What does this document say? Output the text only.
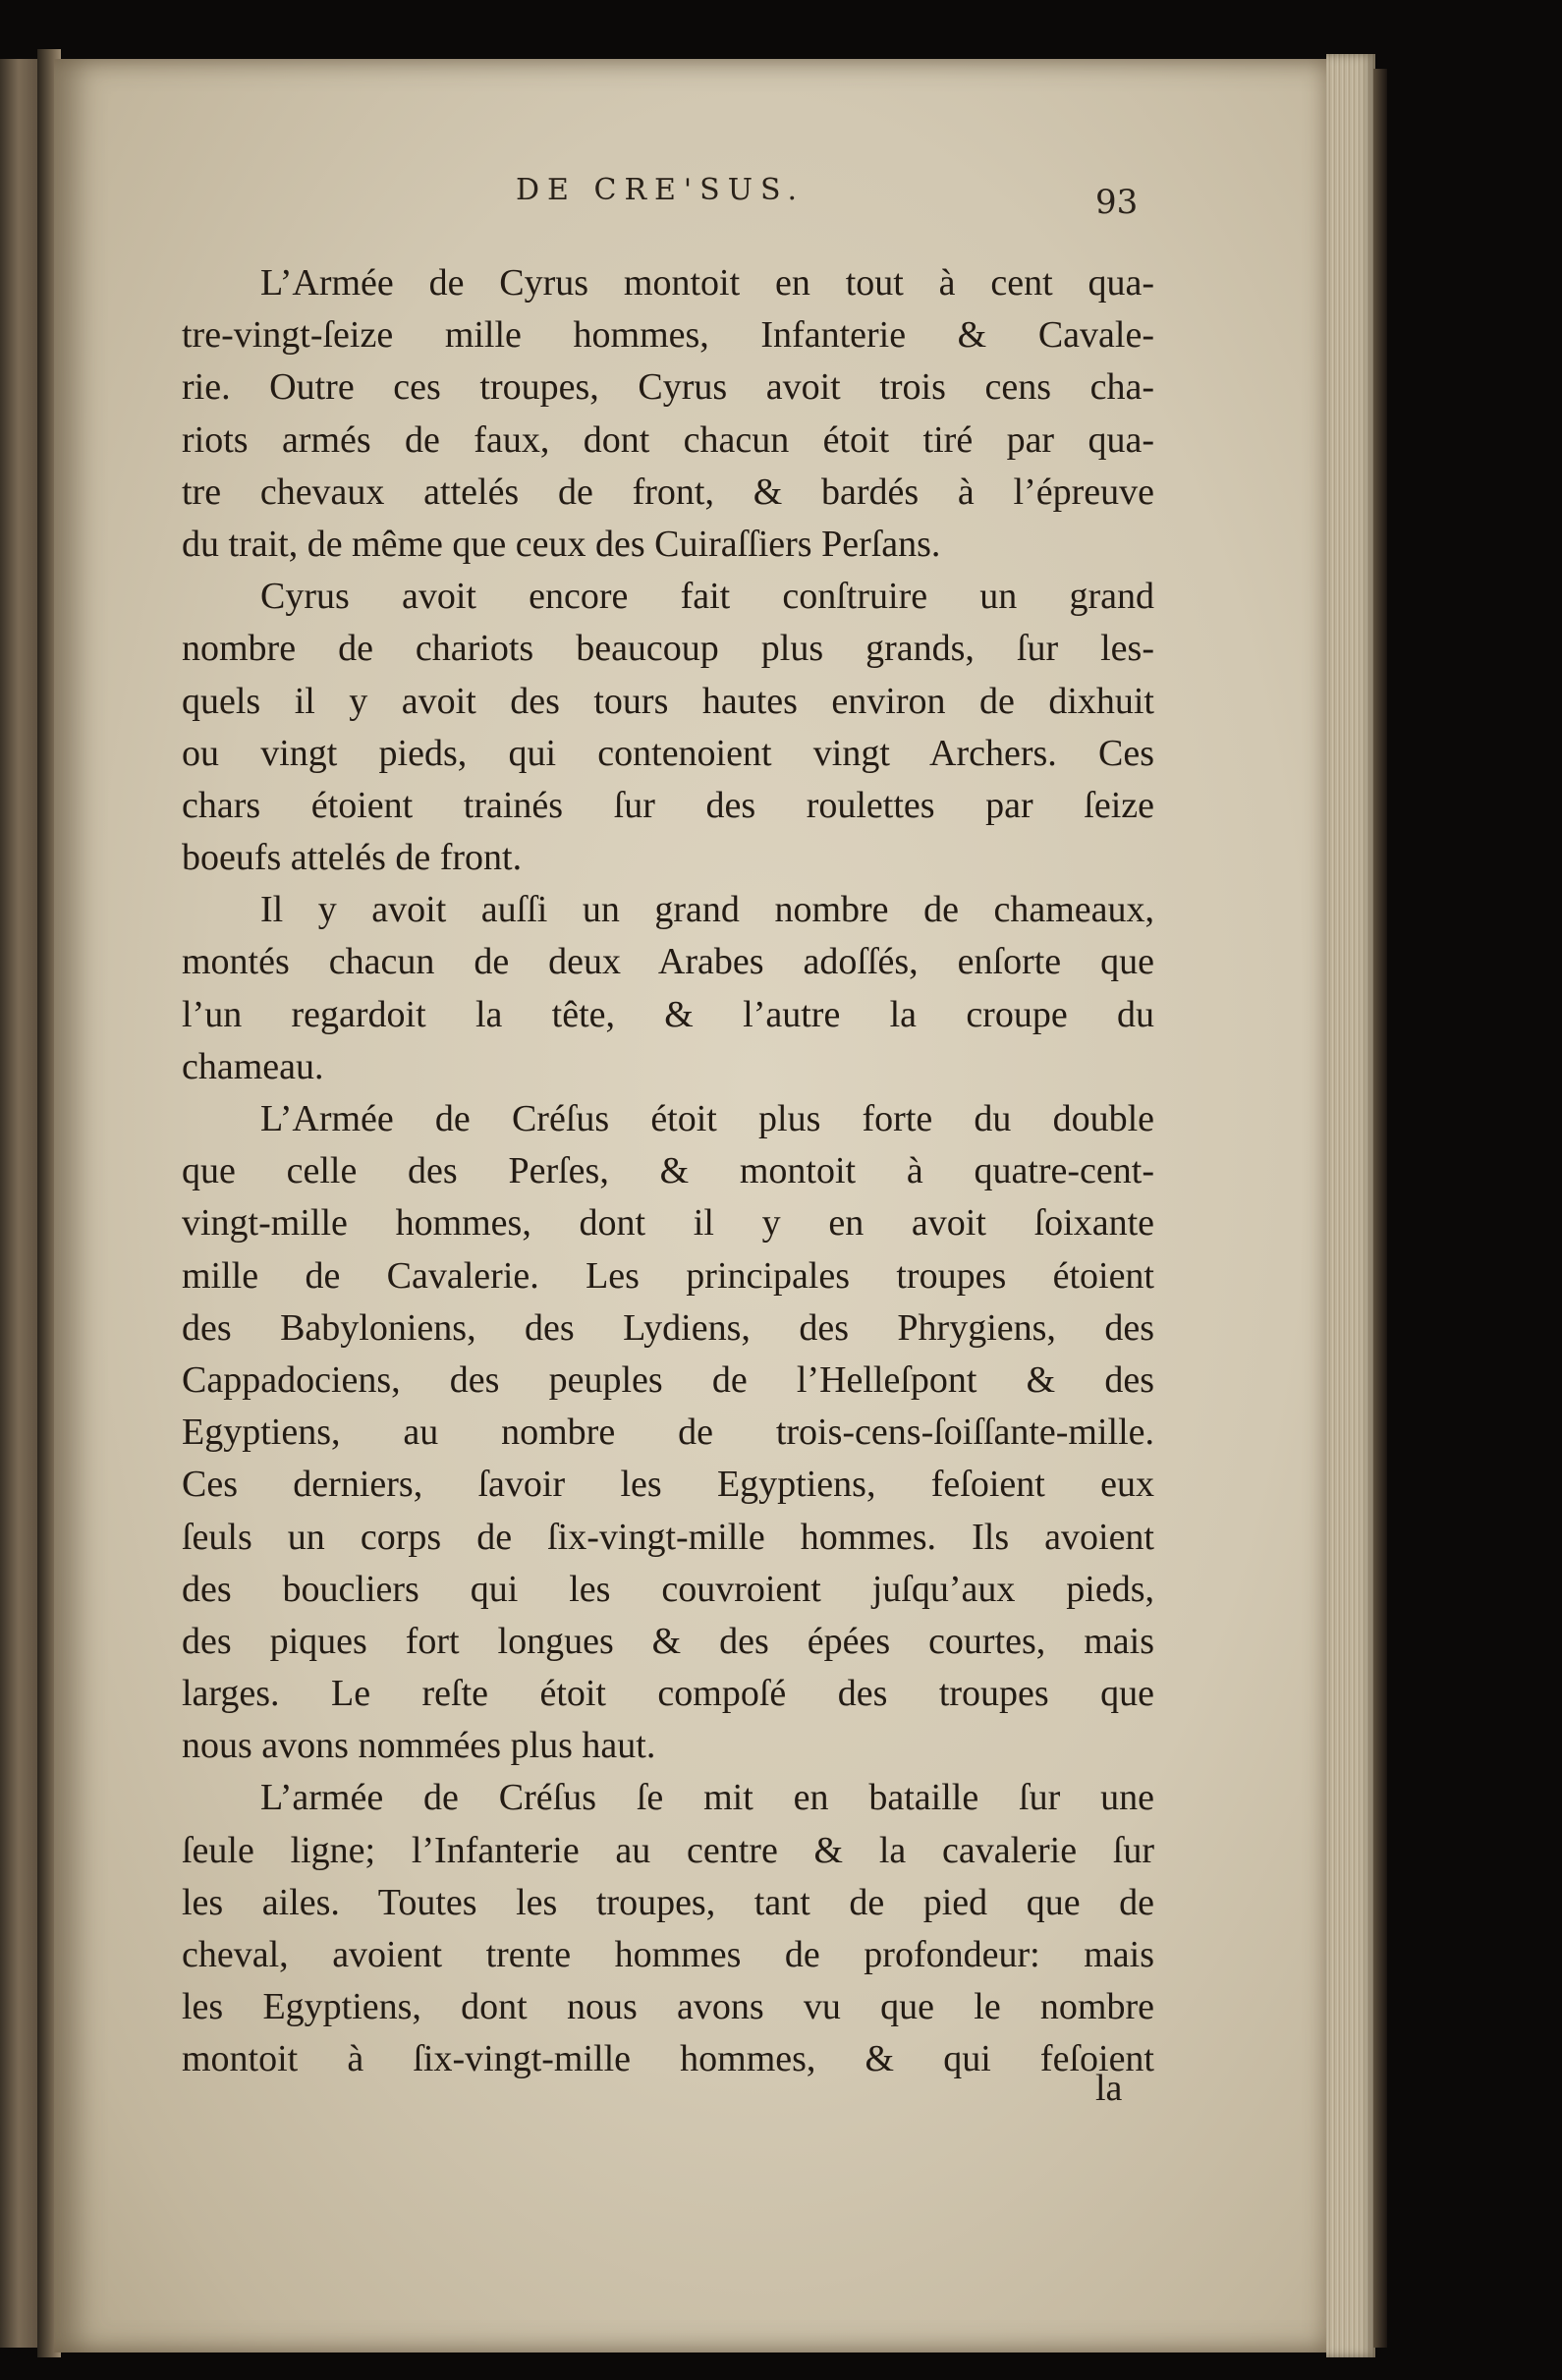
DE CRE'SUS.	93
L’Armée de Cyrus montoit en tout à cent qua-
tre-vingt-ſeize mille hommes, Infanterie & Cavale-
rie. Outre ces troupes, Cyrus avoit trois cens cha-
riots armés de faux, dont chacun étoit tiré par qua-
tre chevaux attelés de front, & bardés à l’épreuve
du trait, de même que ceux des Cuiraſſiers Perſans.
Cyrus avoit encore fait conſtruire un grand
nombre de chariots beaucoup plus grands, ſur les-
quels il y avoit des tours hautes environ de dixhuit
ou vingt pieds, qui contenoient vingt Archers. Ces
chars étoient trainés ſur des roulettes par ſeize
boeufs attelés de front.
Il y avoit auſſi un grand nombre de chameaux,
montés chacun de deux Arabes adoſſés, enſorte que
l’un regardoit la tête, & l’autre la croupe du
chameau.
L’Armée de Créſus étoit plus forte du double
que celle des Perſes, & montoit à quatre-cent-
vingt-mille hommes, dont il y en avoit ſoixante
mille de Cavalerie. Les principales troupes étoient
des Babyloniens, des Lydiens, des Phrygiens, des
Cappadociens, des peuples de l’Helleſpont & des
Egyptiens, au nombre de trois-cens-ſoiſſante-mille.
Ces derniers, ſavoir les Egyptiens, feſoient eux
ſeuls un corps de ſix-vingt-mille hommes. Ils avoient
des boucliers qui les couvroient juſqu’aux pieds,
des piques fort longues & des épées courtes, mais
larges. Le reſte étoit compoſé des troupes que
nous avons nommées plus haut.
L’armée de Créſus ſe mit en bataille ſur une
ſeule ligne; l’Infanterie au centre & la cavalerie ſur
les ailes. Toutes les troupes, tant de pied que de
cheval, avoient trente hommes de profondeur: mais
les Egyptiens, dont nous avons vu que le nombre
montoit à ſix-vingt-mille hommes, & qui feſoient
la
